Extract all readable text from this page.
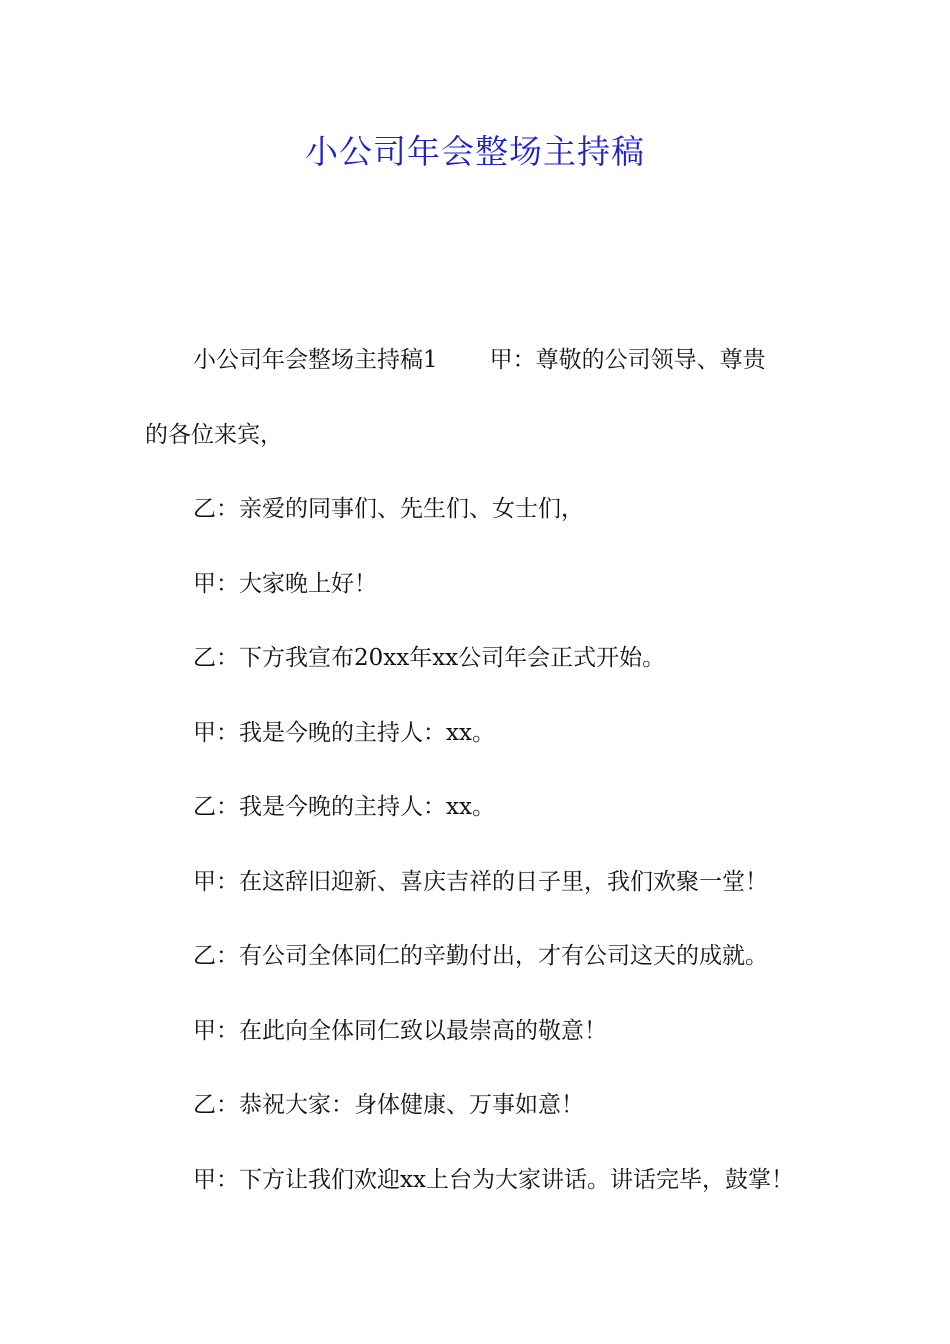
小公司年会整场主持稿
小公司年会整场主持稿1 甲：尊敬的公司领导、尊贵
的各位来宾，

乙：亲爱的同事们、先生们、女士们，

甲：大家晚上好！

乙：下方我宣布20xx年xx公司年会正式开始。

甲：我是今晚的主持人：xx。

乙：我是今晚的主持人：xx。

甲：在这辞旧迎新、喜庆吉祥的日子里，我们欢聚一堂！

乙：有公司全体同仁的辛勤付出，才有公司这天的成就。

甲：在此向全体同仁致以最崇高的敬意！

乙：恭祝大家：身体健康、万事如意！

甲：下方让我们欢迎xx上台为大家讲话。讲话完毕，鼓掌！
